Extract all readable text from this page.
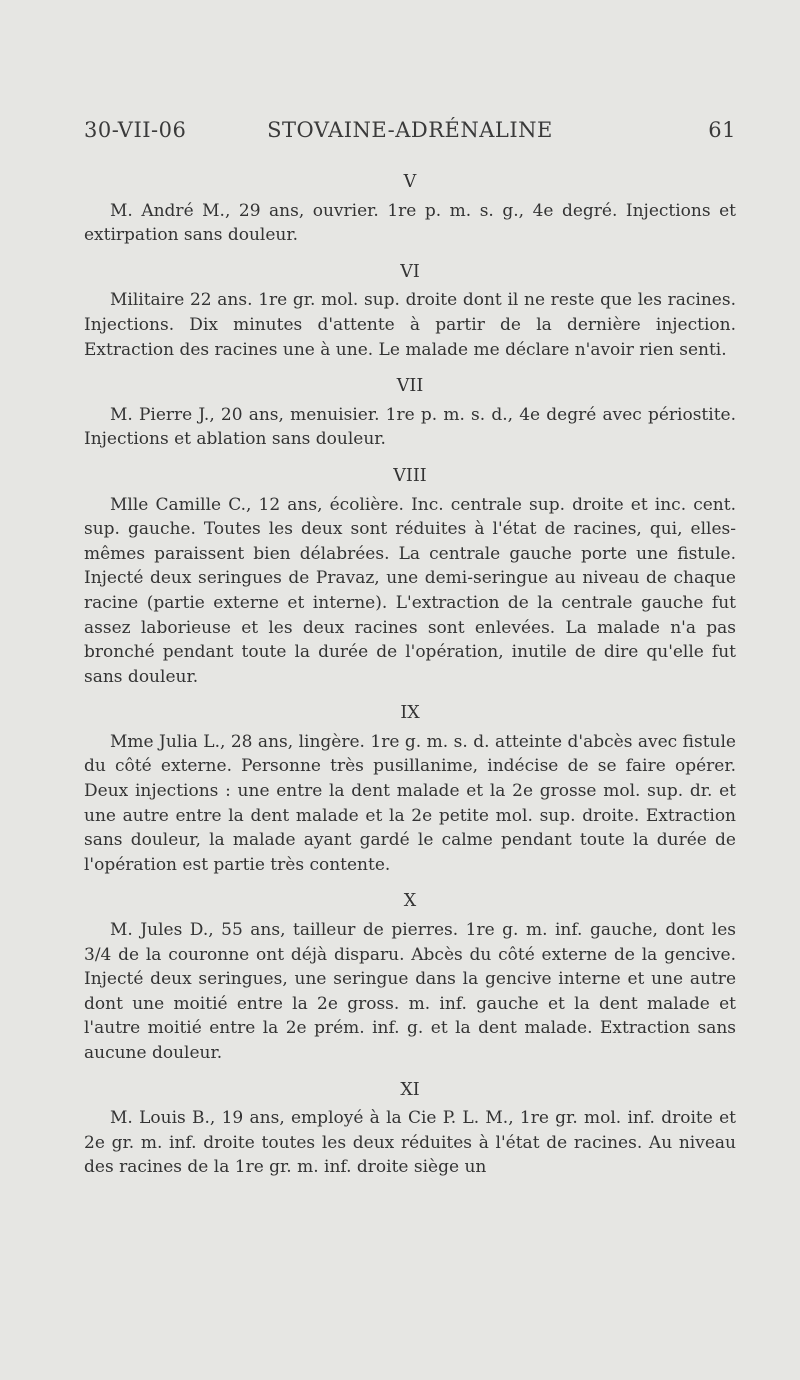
30-VII-06	STOVAINE-ADRÉNALINE	61
V

M. André M., 29 ans, ouvrier. 1re p. m. s. g., 4e degré. Injections et extirpation sans douleur.

VI

Militaire 22 ans. 1re gr. mol. sup. droite dont il ne reste que les racines. Injections. Dix minutes d'attente à partir de la dernière injection. Extraction des racines une à une. Le malade me déclare n'avoir rien senti.

VII

M. Pierre J., 20 ans, menuisier. 1re p. m. s. d., 4e degré avec périostite. Injections et ablation sans douleur.

VIII

Mlle Camille C., 12 ans, écolière. Inc. centrale sup. droite et inc. cent. sup. gauche. Toutes les deux sont réduites à l'état de racines, qui, elles-mêmes paraissent bien délabrées. La centrale gauche porte une fistule. Injecté deux seringues de Pravaz, une demi-seringue au niveau de chaque racine (partie externe et interne). L'extraction de la centrale gauche fut assez laborieuse et les deux racines sont enlevées. La malade n'a pas bronché pendant toute la durée de l'opération, inutile de dire qu'elle fut sans douleur.

IX

Mme Julia L., 28 ans, lingère. 1re g. m. s. d. atteinte d'abcès avec fistule du côté externe. Personne très pusillanime, indécise de se faire opérer. Deux injections : une entre la dent malade et la 2e grosse mol. sup. dr. et une autre entre la dent malade et la 2e petite mol. sup. droite. Extraction sans douleur, la malade ayant gardé le calme pendant toute la durée de l'opération est partie très contente.

X

M. Jules D., 55 ans, tailleur de pierres. 1re g. m. inf. gauche, dont les 3/4 de la couronne ont déjà disparu. Abcès du côté externe de la gencive. Injecté deux seringues, une seringue dans la gencive interne et une autre dont une moitié entre la 2e gross. m. inf. gauche et la dent malade et l'autre moitié entre la 2e prém. inf. g. et la dent malade. Extraction sans aucune douleur.

XI

M. Louis B., 19 ans, employé à la Cie P. L. M., 1re gr. mol. inf. droite et 2e gr. m. inf. droite toutes les deux réduites à l'état de racines. Au niveau des racines de la 1re gr. m. inf. droite siège un
